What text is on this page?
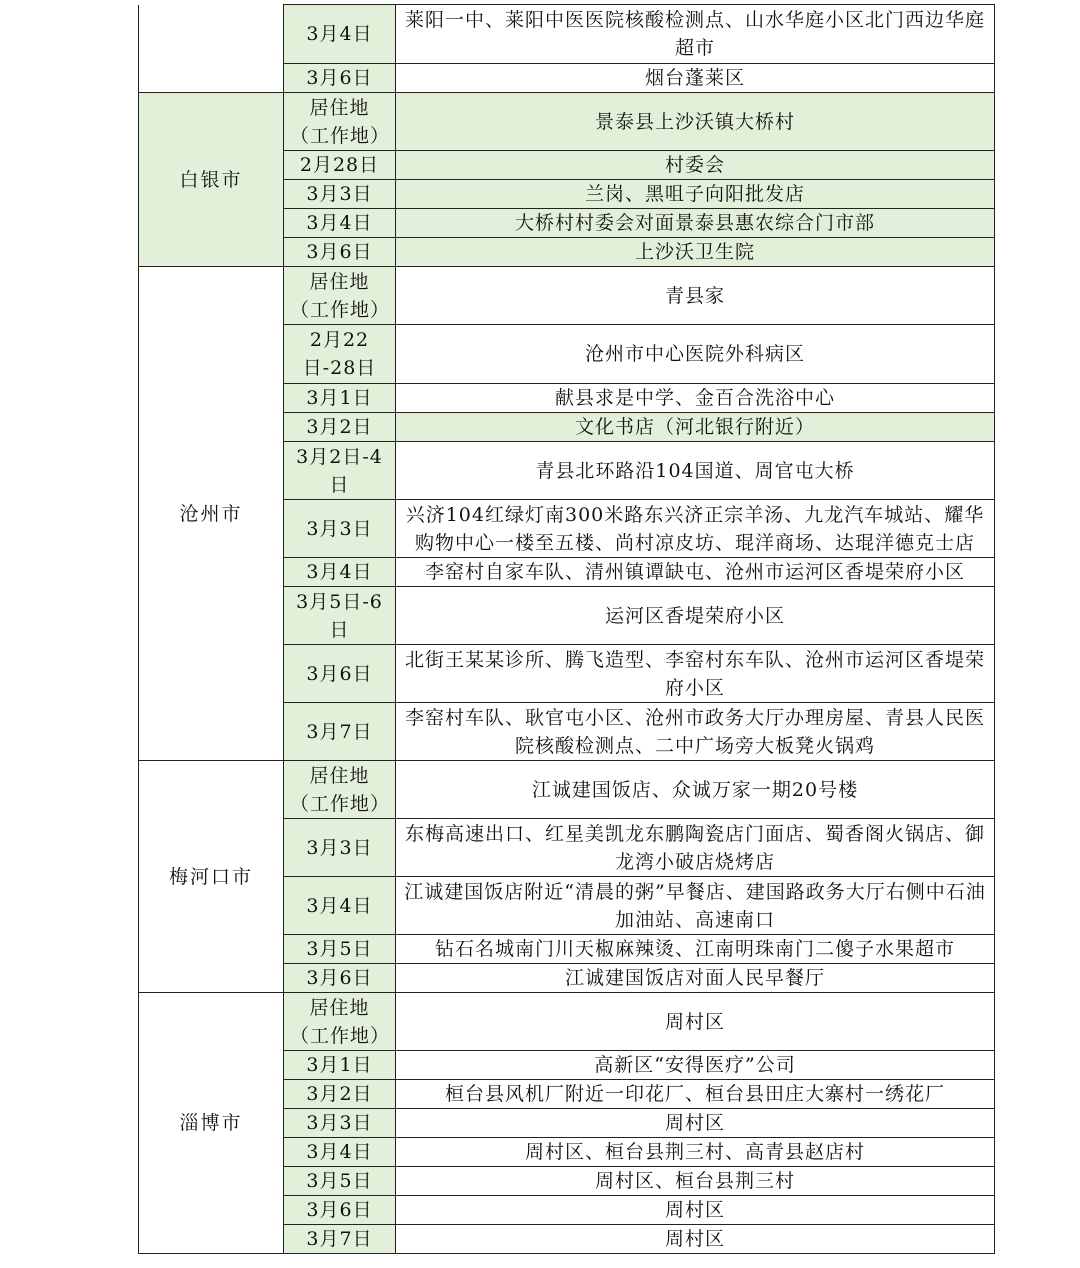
	3月4日	莱阳一中、莱阳中医医院核酸检测点、山水华庭小区北门西边华庭超市
	3月6日	烟台蓬莱区
白银市	居住地（工作地）	景泰县上沙沃镇大桥村
	2月28日	村委会
	3月3日	兰岗、黑咀子向阳批发店
	3月4日	大桥村村委会对面景泰县惠农综合门市部
	3月6日	上沙沃卫生院
沧州市	居住地（工作地）	青县家
	2月22日-28日	沧州市中心医院外科病区
	3月1日	献县求是中学、金百合洗浴中心
	3月2日	文化书店（河北银行附近）
	3月2日-4日	青县北环路沿104国道、周官屯大桥
	3月3日	兴济104红绿灯南300米路东兴济正宗羊汤、九龙汽车城站、耀华购物中心一楼至五楼、尚村凉皮坊、琨洋商场、达琨洋德克士店
	3月4日	李窑村自家车队、清州镇谭缺屯、沧州市运河区香堤荣府小区
	3月5日-6日	运河区香堤荣府小区
	3月6日	北街王某某诊所、腾飞造型、李窑村东车队、沧州市运河区香堤荣府小区
	3月7日	李窑村车队、耿官屯小区、沧州市政务大厅办理房屋、青县人民医院核酸检测点、二中广场旁大板凳火锅鸡
梅河口市	居住地（工作地）	江诚建国饭店、众诚万家一期20号楼
	3月3日	东梅高速出口、红星美凯龙东鹏陶瓷店门面店、蜀香阁火锅店、御龙湾小破店烧烤店
	3月4日	江诚建国饭店附近“清晨的粥”早餐店、建国路政务大厅右侧中石油加油站、高速南口
	3月5日	钻石名城南门川天椒麻辣烫、江南明珠南门二傻子水果超市
	3月6日	江诚建国饭店对面人民早餐厅
淄博市	居住地（工作地）	周村区
	3月1日	高新区“安得医疗”公司
	3月2日	桓台县风机厂附近一印花厂、桓台县田庄大寨村一绣花厂
	3月3日	周村区
	3月4日	周村区、桓台县荆三村、高青县赵店村
	3月5日	周村区、桓台县荆三村
	3月6日	周村区
	3月7日	周村区
